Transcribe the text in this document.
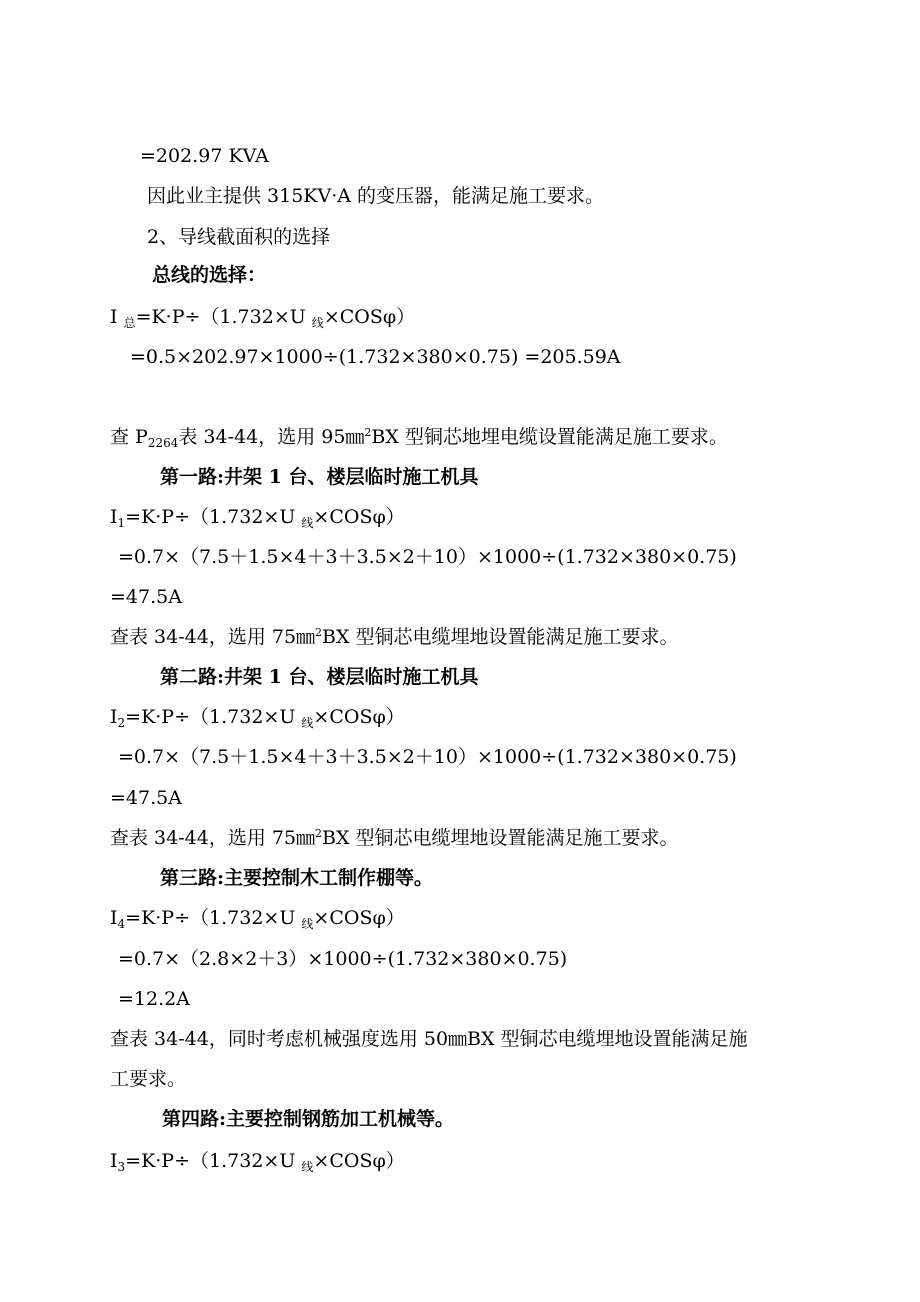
=202.97 KVA
因此业主提供 315KV·A 的变压器，能满足施工要求。
2、导线截面积的选择
总线的选择：
I $_总$=K·P÷（1.732×U $_线$×COSφ）
=0.5×202.97×1000÷(1.732×380×0.75) =205.59A
查 $P_{2264}$表 34-44，选用 95㎜$^2$BX 型铜芯地埋电缆设置能满足施工要求。
第一路:井架 1 台、楼层临时施工机具
$I_1=K\cdot P\div(1.732\times U$ $_线$×COSφ）
=0.7×（7.5＋1.5×4＋3＋3.5×2＋10）×1000÷(1.732×380×0.75)
=47.5A
查表 34-44，选用 75㎜$^2$BX 型铜芯电缆埋地设置能满足施工要求。
第二路:井架 1 台、楼层临时施工机具
$I_2=K\cdot P\div(1.732\times U$ $_线$×COSφ）
=0.7×（7.5＋1.5×4＋3＋3.5×2＋10）×1000÷(1.732×380×0.75)
=47.5A
查表 34-44，选用 75㎜$^2$BX 型铜芯电缆埋地设置能满足施工要求。
第三路:主要控制木工制作棚等。
$I_4=K\cdot P\div(1.732\times U$ $_线$×COSφ）
=0.7×（2.8×2＋3）×1000÷(1.732×380×0.75)
=12.2A
查表 34-44，同时考虑机械强度选用 50㎜BX 型铜芯电缆埋地设置能满足施
工要求。
第四路:主要控制钢筋加工机械等。
$I_3=K\cdot P\div(1.732\times U$ $_线$×COSφ）
